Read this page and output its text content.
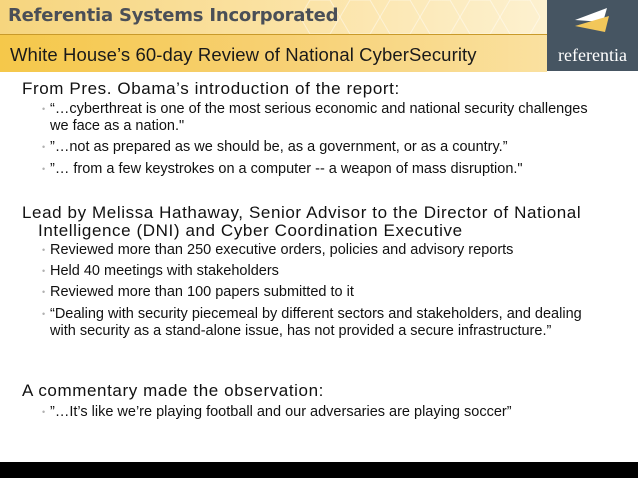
Referentia Systems Incorporated
White House’s 60-day Review of National CyberSecurity	referentia
From Pres. Obama’s introduction of the report:
• “…cyberthreat is one of the most serious economic and national security challenges we face as a nation."
• ”…not as prepared as we should be, as a government, or as a country.”
• ”… from a few keystrokes on a computer -- a weapon of mass disruption."
Lead by Melissa Hathaway, Senior Advisor to the Director of National
Intelligence (DNI) and Cyber Coordination Executive
• Reviewed more than 250 executive orders, policies and advisory reports
• Held 40 meetings with stakeholders
• Reviewed more than 100 papers submitted to it
• “Dealing with security piecemeal by different sectors and stakeholders, and dealing with security as a stand-alone issue, has not provided a secure infrastructure.”
A commentary made the observation:
• ”…It’s like we’re playing football and our adversaries are playing soccer”
